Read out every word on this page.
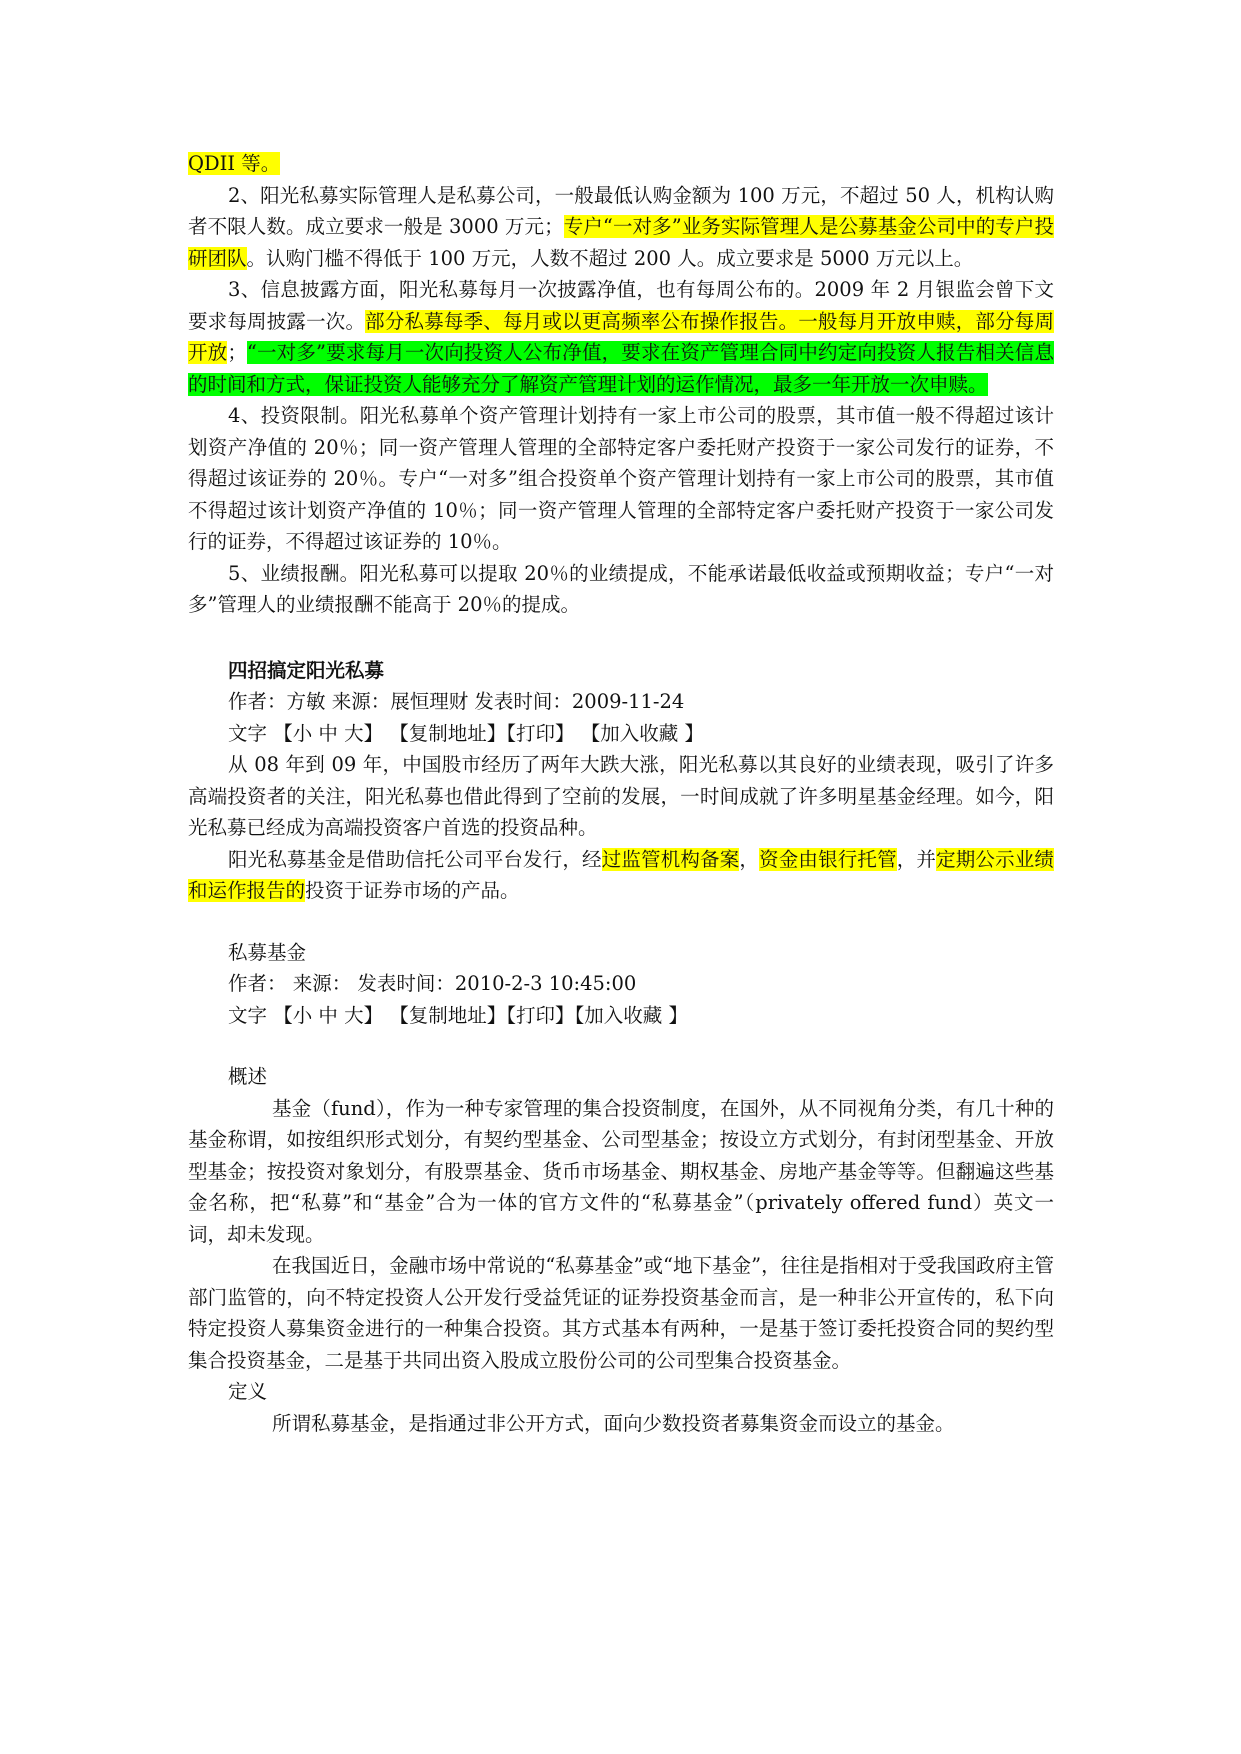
QDII 等。

2、阳光私募实际管理人是私募公司，一般最低认购金额为 100 万元，不超过 50 人，机构认购者不限人数。成立要求一般是 3000 万元；专户“一对多”业务实际管理人是公募基金公司中的专户投研团队。认购门槛不得低于 100 万元，人数不超过 200 人。成立要求是 5000 万元以上。

3、信息披露方面，阳光私募每月一次披露净值，也有每周公布的。2009 年 2 月银监会曾下文要求每周披露一次。部分私募每季、每月或以更高频率公布操作报告。一般每月开放申赎，部分每周开放；“一对多”要求每月一次向投资人公布净值，要求在资产管理合同中约定向投资人报告相关信息的时间和方式，保证投资人能够充分了解资产管理计划的运作情况，最多一年开放一次申赎。

4、投资限制。阳光私募单个资产管理计划持有一家上市公司的股票，其市值一般不得超过该计划资产净值的 20％；同一资产管理人管理的全部特定客户委托财产投资于一家公司发行的证券，不得超过该证券的 20％。专户“一对多”组合投资单个资产管理计划持有一家上市公司的股票，其市值不得超过该计划资产净值的 10％；同一资产管理人管理的全部特定客户委托财产投资于一家公司发行的证券，不得超过该证券的 10％。

5、业绩报酬。阳光私募可以提取 20％的业绩提成，不能承诺最低收益或预期收益；专户“一对多”管理人的业绩报酬不能高于 20％的提成。

四招搞定阳光私募

作者：方敏 来源：展恒理财 发表时间：2009-11-24

文字 【小 中 大】 【复制地址】【打印】 【加入收藏 】

从 08 年到 09 年，中国股市经历了两年大跌大涨，阳光私募以其良好的业绩表现，吸引了许多高端投资者的关注，阳光私募也借此得到了空前的发展，一时间成就了许多明星基金经理。如今，阳光私募已经成为高端投资客户首选的投资品种。

阳光私募基金是借助信托公司平台发行，经过监管机构备案，资金由银行托管，并定期公示业绩和运作报告的投资于证券市场的产品。

私募基金

作者： 来源： 发表时间：2010-2-3 10:45:00

文字 【小 中 大】 【复制地址】【打印】【加入收藏 】

概述

基金（fund），作为一种专家管理的集合投资制度，在国外，从不同视角分类，有几十种的基金称谓，如按组织形式划分，有契约型基金、公司型基金；按设立方式划分，有封闭型基金、开放型基金；按投资对象划分，有股票基金、货币市场基金、期权基金、房地产基金等等。但翻遍这些基金名称，把“私募”和“基金”合为一体的官方文件的“私募基金”（privately offered fund）英文一词，却未发现。

在我国近日，金融市场中常说的“私募基金”或“地下基金”，往往是指相对于受我国政府主管部门监管的，向不特定投资人公开发行受益凭证的证券投资基金而言，是一种非公开宣传的，私下向特定投资人募集资金进行的一种集合投资。其方式基本有两种，一是基于签订委托投资合同的契约型集合投资基金，二是基于共同出资入股成立股份公司的公司型集合投资基金。

定义

所谓私募基金，是指通过非公开方式，面向少数投资者募集资金而设立的基金。
